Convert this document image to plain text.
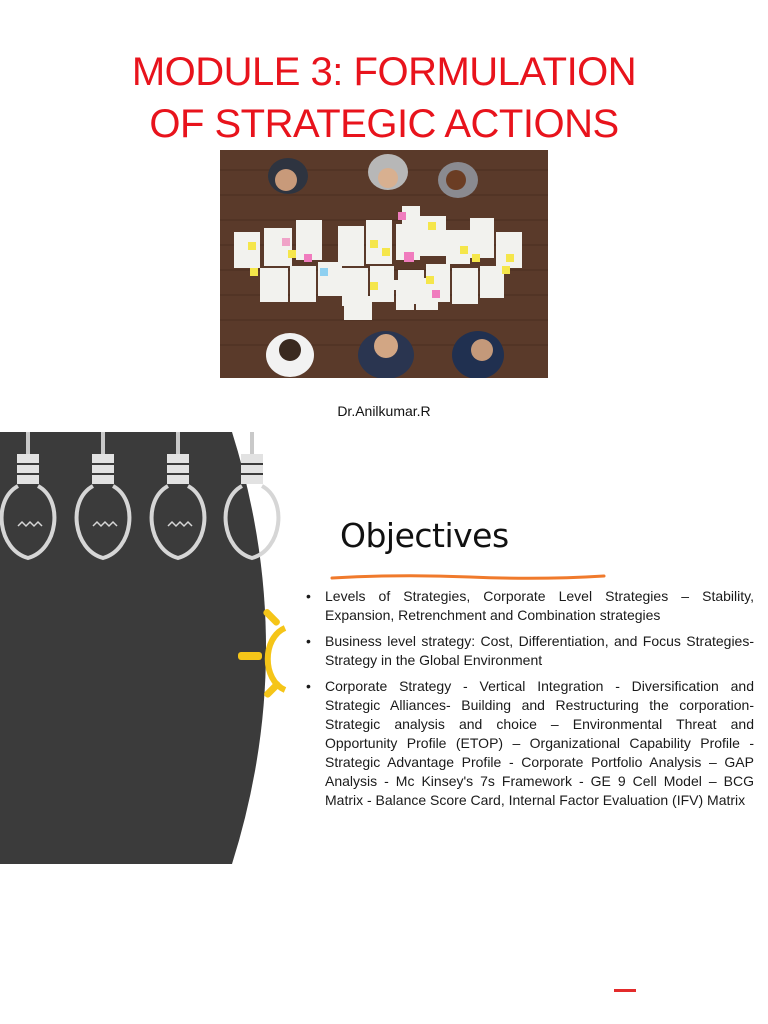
MODULE 3: FORMULATION
OF STRATEGIC ACTIONS
Dr.Anilkumar.R
Objectives
• Levels of Strategies, Corporate Level Strategies – Stability, Expansion, Retrenchment and Combination strategies
• Business level strategy: Cost, Differentiation, and Focus Strategies- Strategy in the Global Environment
• Corporate Strategy - Vertical Integration - Diversification and Strategic Alliances- Building and Restructuring the corporation- Strategic analysis and choice – Environmental Threat and Opportunity Profile (ETOP) – Organizational Capability Profile - Strategic Advantage Profile - Corporate Portfolio Analysis – GAP Analysis - Mc Kinsey's 7s Framework - GE 9 Cell Model – BCG Matrix - Balance Score Card, Internal Factor Evaluation (IFV) Matrix
